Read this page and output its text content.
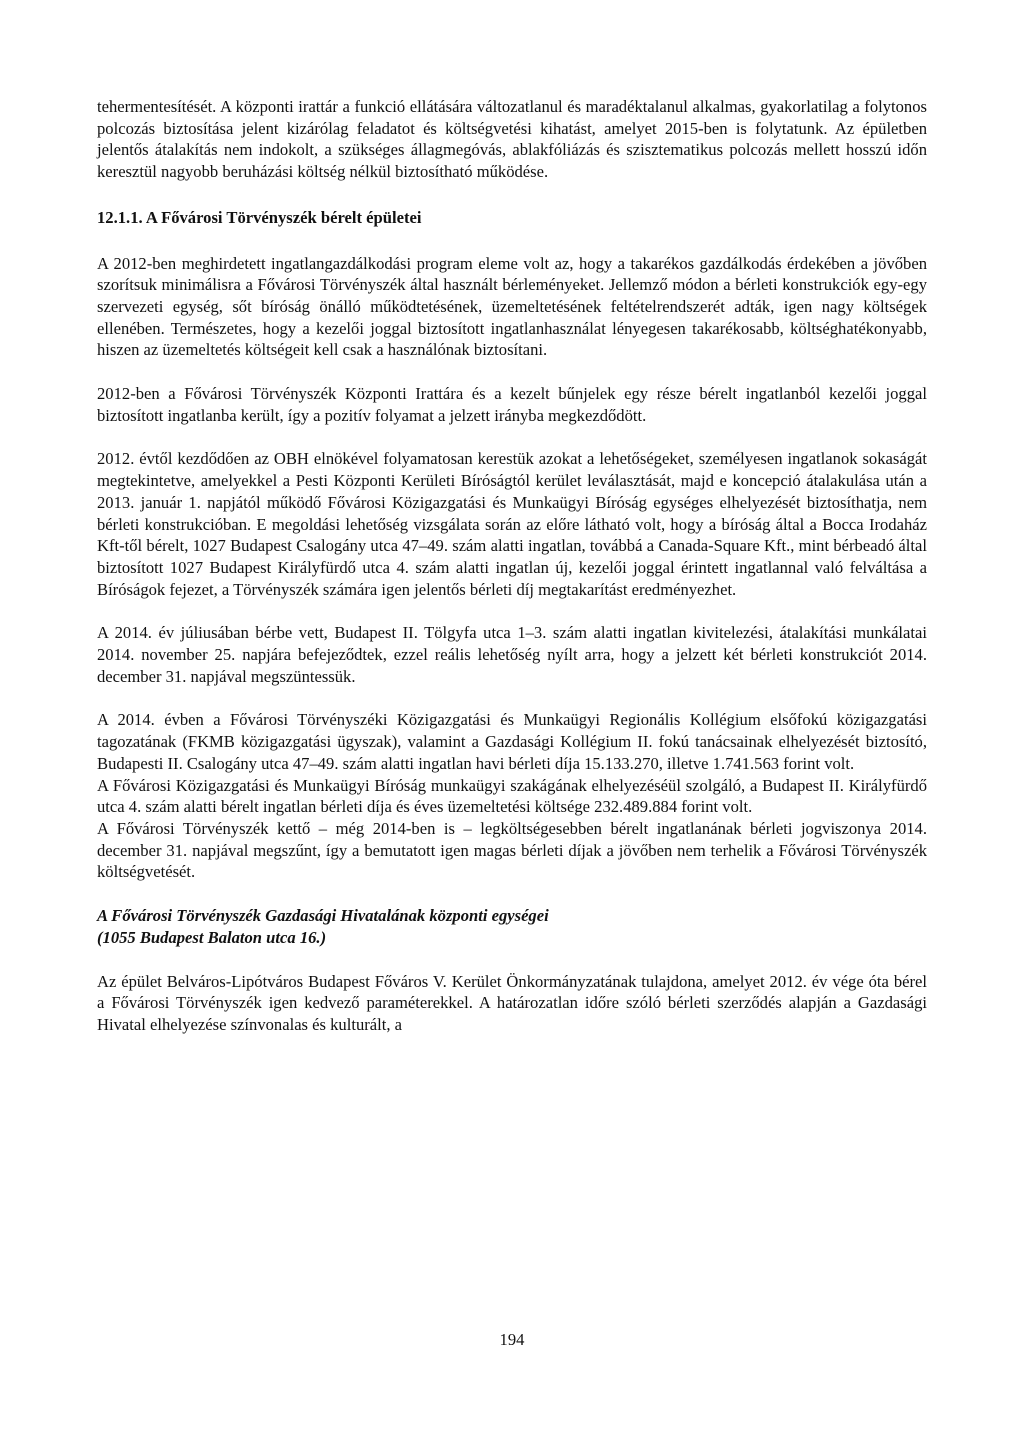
tehermentesítését. A központi irattár a funkció ellátására változatlanul és maradéktalanul alkalmas, gyakorlatilag a folytonos polcozás biztosítása jelent kizárólag feladatot és költségvetési kihatást, amelyet 2015-ben is folytatunk. Az épületben jelentős átalakítás nem indokolt, a szükséges állagmegóvás, ablakfóliázás és szisztematikus polcozás mellett hosszú időn keresztül nagyobb beruházási költség nélkül biztosítható működése.

12.1.1. A Fővárosi Törvényszék bérelt épületei

A 2012-ben meghirdetett ingatlangazdálkodási program eleme volt az, hogy a takarékos gazdálkodás érdekében a jövőben szorítsuk minimálisra a Fővárosi Törvényszék által használt bérleményeket. Jellemző módon a bérleti konstrukciók egy-egy szervezeti egység, sőt bíróság önálló működtetésének, üzemeltetésének feltételrendszerét adták, igen nagy költségek ellenében. Természetes, hogy a kezelői joggal biztosított ingatlanhasználat lényegesen takarékosabb, költséghatékonyabb, hiszen az üzemeltetés költségeit kell csak a használónak biztosítani.

2012-ben a Fővárosi Törvényszék Központi Irattára és a kezelt bűnjelek egy része bérelt ingatlanból kezelői joggal biztosított ingatlanba került, így a pozitív folyamat a jelzett irányba megkezdődött.

2012. évtől kezdődően az OBH elnökével folyamatosan kerestük azokat a lehetőségeket, személyesen ingatlanok sokaságát megtekintetve, amelyekkel a Pesti Központi Kerületi Bíróságtól kerület leválasztását, majd e koncepció átalakulása után a 2013. január 1. napjától működő Fővárosi Közigazgatási és Munkaügyi Bíróság egységes elhelyezését biztosíthatja, nem bérleti konstrukcióban. E megoldási lehetőség vizsgálata során az előre látható volt, hogy a bíróság által a Bocca Irodaház Kft-től bérelt, 1027 Budapest Csalogány utca 47–49. szám alatti ingatlan, továbbá a Canada-Square Kft., mint bérbeadó által biztosított 1027 Budapest Királyfürdő utca 4. szám alatti ingatlan új, kezelői joggal érintett ingatlannal való felváltása a Bíróságok fejezet, a Törvényszék számára igen jelentős bérleti díj megtakarítást eredményezhet.

A 2014. év júliusában bérbe vett, Budapest II. Tölgyfa utca 1–3. szám alatti ingatlan kivitelezési, átalakítási munkálatai 2014. november 25. napjára befejeződtek, ezzel reális lehetőség nyílt arra, hogy a jelzett két bérleti konstrukciót 2014. december 31. napjával megszüntessük.

A 2014. évben a Fővárosi Törvényszéki Közigazgatási és Munkaügyi Regionális Kollégium elsőfokú közigazgatási tagozatának (FKMB közigazgatási ügyszak), valamint a Gazdasági Kollégium II. fokú tanácsainak elhelyezését biztosító, Budapesti II. Csalogány utca 47–49. szám alatti ingatlan havi bérleti díja 15.133.270, illetve 1.741.563 forint volt.

A Fővárosi Közigazgatási és Munkaügyi Bíróság munkaügyi szakágának elhelyezéséül szolgáló, a Budapest II. Királyfürdő utca 4. szám alatti bérelt ingatlan bérleti díja és éves üzemeltetési költsége 232.489.884 forint volt.

A Fővárosi Törvényszék kettő – még 2014-ben is – legköltségesebben bérelt ingatlanának bérleti jogviszonya 2014. december 31. napjával megszűnt, így a bemutatott igen magas bérleti díjak a jövőben nem terhelik a Fővárosi Törvényszék költségvetését.

A Fővárosi Törvényszék Gazdasági Hivatalának központi egységei

(1055 Budapest Balaton utca 16.)

Az épület Belváros-Lipótváros Budapest Főváros V. Kerület Önkormányzatának tulajdona, amelyet 2012. év vége óta bérel a Fővárosi Törvényszék igen kedvező paraméterekkel. A határozatlan időre szóló bérleti szerződés alapján a Gazdasági Hivatal elhelyezése színvonalas és kulturált, a

194
